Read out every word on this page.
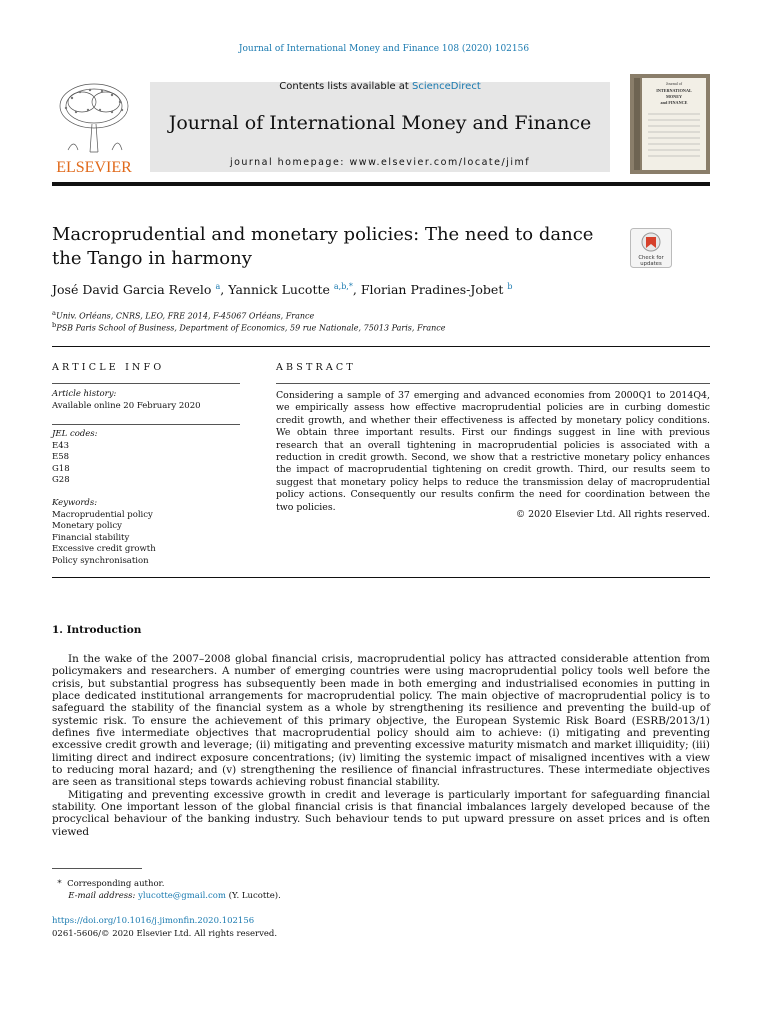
Journal of International Money and Finance 108 (2020) 102156
Contents lists available at ScienceDirect
Journal of International Money and Finance
journal homepage: www.elsevier.com/locate/jimf
ELSEVIER
Journal of
INTERNATIONAL
MONEY
and FINANCE
Macroprudential and monetary policies: The need to dance the Tango in harmony	Check for
updates
José David Garcia Revelo $^a$, Yannick Lucotte $^{a,b,*}$, Florian Pradines-Jobet $^b$
$^a$Univ. Orléans, CNRS, LEO, FRE 2014, F-45067 Orléans, France
$^b$PSB Paris School of Business, Department of Economics, 59 rue Nationale, 75013 Paris, France
ARTICLE INFO
Article history:
Available online 20 February 2020
JEL codes:
E43
E58
G18
G28
Keywords:
Macroprudential policy
Monetary policy
Financial stability
Excessive credit growth
Policy synchronisation
ABSTRACT
Considering a sample of 37 emerging and advanced economies from 2000Q1 to 2014Q4, we empirically assess how effective macroprudential policies are in curbing domestic credit growth, and whether their effectiveness is affected by monetary policy conditions. We obtain three important results. First our findings suggest in line with previous research that an overall tightening in macroprudential policies is associated with a reduction in credit growth. Second, we show that a restrictive monetary policy enhances the impact of macroprudential tightening on credit growth. Third, our results seem to suggest that monetary policy helps to reduce the transmission delay of macroprudential policy actions. Consequently our results confirm the need for coordination between the two policies.
© 2020 Elsevier Ltd. All rights reserved.
1. Introduction

In the wake of the 2007–2008 global financial crisis, macroprudential policy has attracted considerable attention from policymakers and researchers. A number of emerging countries were using macroprudential policy tools well before the crisis, but substantial progress has subsequently been made in both emerging and industrialised economies in putting in place dedicated institutional arrangements for macroprudential policy. The main objective of macroprudential policy is to safeguard the stability of the financial system as a whole by strengthening its resilience and preventing the build-up of systemic risk. To ensure the achievement of this primary objective, the European Systemic Risk Board (ESRB/2013/1) defines five intermediate objectives that macroprudential policy should aim to achieve: (i) mitigating and preventing excessive credit growth and leverage; (ii) mitigating and preventing excessive maturity mismatch and market illiquidity; (iii) limiting direct and indirect exposure concentrations; (iv) limiting the systemic impact of misaligned incentives with a view to reducing moral hazard; and (v) strengthening the resilience of financial infrastructures. These intermediate objectives are seen as transitional steps towards achieving robust financial stability.

Mitigating and preventing excessive growth in credit and leverage is particularly important for safeguarding financial stability. One important lesson of the global financial crisis is that financial imbalances largely developed because of the procyclical behaviour of the banking industry. Such behaviour tends to put upward pressure on asset prices and is often viewed

* Corresponding author.
E-mail address: ylucotte@gmail.com (Y. Lucotte).
https://doi.org/10.1016/j.jimonfin.2020.102156
0261-5606/© 2020 Elsevier Ltd. All rights reserved.
